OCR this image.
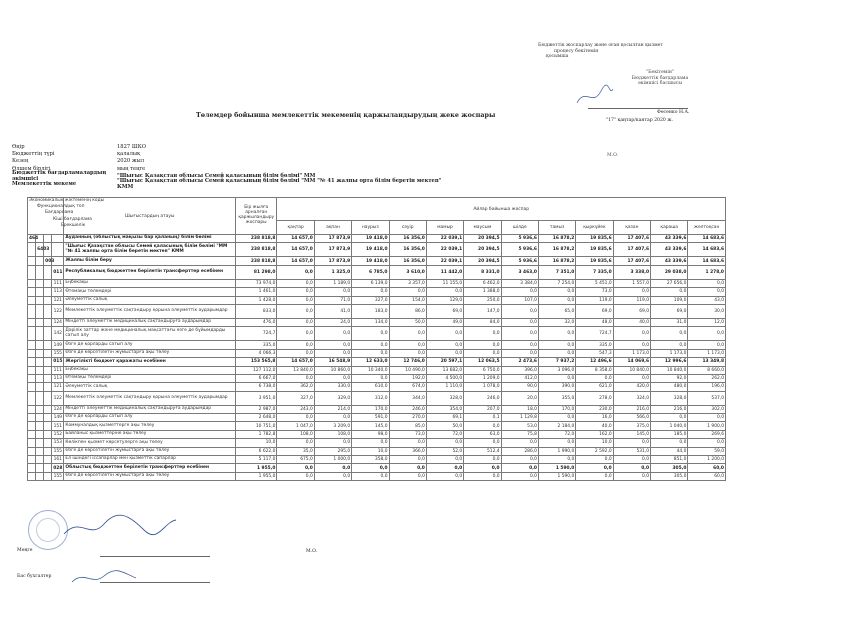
Бюджеттік жоспарлау және оған қосылған қызмет
процесу бекітемін
қосымша
"Бекітемін"
Бюджеттік бағдарлама
әкімшісі басшысы
Фесенко Н.А.
"17" қаңтар/кантар 2020 ж.
Төлемдер бойынша мемлекеттік мекеменің қаржыландырудың жеке жоспары
Өңір	1827 ШКО
Бюджеттің түрі	қалалық
Кезең	2020 жыл
Өлшем бірлігі	мың теңге
Бюджеттік бағдарламалардың әкімшісі
"Шығыс Қазақстан облысы Семей қаласының білім бөлімі" ММ
Мемлекеттік мекеме	"Шығыс Қазақстан облысы Семей қаласының білім бөлімі "ММ "№ 41 жалпы орта білім беретін мектеп" КММ
М.О.
Экономикалық жіктеменің коды
Функционалдық топ
Бағдарлама
Кіші бағдарлама
Ерекшелік				Шығыстардың атауы	Бір жылға арналған қаржыландыру жоспары	Айлар бойынша жоспар											
						қаңтар	ақпан	наурыз	сәуір	мамыр	маусым	шілде	тамыз	қыркүйек	қазан	қараша	желтоқсан
464				Ауданның (облыстық маңызы бар қаланың) білім бөлімі	238 818,8	14 657,0	17 873,9	19 418,0	16 356,0	22 039,1	20 394,5	5 936,6	16 878,2	19 835,6	17 407,6	43 339,6	14 683,6
	6403			"Шығыс Қазақстан облысы Семей қаласының білім бөлімі "ММ "№ 41 жалпы орта білім беретін мектеп" КММ	238 818,8	14 657,0	17 873,9	19 418,0	16 356,0	22 039,1	20 394,5	5 936,6	16 878,2	19 835,6	17 407,6	43 339,6	14 683,6
		003		Жалпы білім беру	238 818,8	14 657,0	17 873,9	19 418,0	16 356,0	22 039,1	20 394,5	5 936,6	16 878,2	19 835,6	17 407,6	43 339,6	14 683,6
			011	Республикалық бюджеттен берілетін трансферттер есебінен	81 298,0	0,0	1 325,0	6 785,0	3 610,0	11 442,0	8 331,0	3 463,0	7 351,0	7 335,0	3 338,0	29 038,0	1 278,0
			111	Еңбекақы	73 974,0	0,0	1 189,0	6 139,0	3 357,0	11 155,0	6 462,0	3 384,0	7 254,0	5 451,0	1 557,0	27 656,0	0,0
			113	Өтемақы төлемдері	1 461,0	0,0	0,0	0,0	0,0	0,0	1 388,0	0,0	0,0	73,0	0,0	0,0	0,0
			121	Әлеуметтік салық	1 428,0	0,0	71,0	327,0	154,0	129,0	250,0	107,0	0,0	119,0	119,0	109,0	43,0
			122	Мемлекеттік әлеуметтік сақтандыру қорына әлеуметтік аударымдар	833,0	0,0	41,0	183,0	86,0	69,0	147,0	0,0	65,0	69,0	69,0	69,0	30,0
			124	Міндетті әлеуметтік медициналық сақтандыруға аударымдар	476,0	0,0	24,0	134,0	50,0	49,0	84,0	0,0	32,0	48,0	40,0	31,0	12,0
			142	Дәрілік заттар және медициналық мақсаттағы өзге де бұйымдарды сатып алу	724,7	0,0	0,0	0,0	0,0	0,0	0,0	0,0	0,0	724,7	0,0	0,0	0,0
			149	Өзге де қорларды сатып алу	335,0	0,0	0,0	0,0	0,0	0,0	0,0	0,0	0,0	335,0	0,0	0,0	0,0
			155	Өзге де көрсетілетін жұмыстарға ақы төлеу	4 066,3	0,0	0,0	0,0	0,0	0,0	0,0	0,0	0,0	547,3	1 173,0	1 173,0	1 173,0
			015	Жергілікті бюджет қаражаты есебінен	153 565,8	14 657,0	16 548,9	12 633,0	12 746,0	20 597,1	12 063,5	2 473,6	7 937,2	12 496,6	14 069,6	12 996,6	13 349,8
			111	Еңбекақы	127 112,0	13 840,0	10 860,0	10 340,0	10 490,0	13 682,0	6 750,0	396,0	3 096,0	8 358,0	10 840,0	10 840,0	8 660,0
			113	Өтемақы төлемдері	6 667,0	0,0	0,0	0,0	192,0	4 500,0	1 209,0	412,0	0,0	0,0	0,0	92,0	262,0
			121	Әлеуметтік салық	6 738,0	362,0	330,0	610,0	674,0	1 110,0	1 078,0	90,0	390,0	621,0	420,0	480,0	196,0
			122	Мемлекеттік әлеуметтік сақтандыру қорына әлеуметтік аударымдар	3 951,0	327,0	329,0	312,0	344,0	328,0	246,0	20,0	355,0	278,0	324,0	328,0	537,0
			124	Міндетті әлеуметтік медициналық сақтандыруға аударымдар	2 987,0	243,0	214,0	170,0	246,0	354,0	207,0	18,0	170,0	230,0	216,0	216,0	302,0
			149	Өзге де қорларды сатып алу	2 648,0	0,0	0,0	591,0	270,0	69,1	0,1	1 129,8	0,0	16,0	566,0	0,0	0,0
			151	Коммуналдық қызметтерге ақы төлеу	10 751,0	1 047,0	3 209,0	145,0	85,0	50,0	0,0	53,0	2 184,0	40,0	375,0	1 040,0	1 900,0
			152	Байланыс қызметтеріне ақы төлеу	1 782,8	108,0	108,0	98,0	73,0	72,0	63,0	75,8	72,0	162,0	145,0	185,0	269,6
			153	Көлікпен қызмет көрсетулерге ақы төлеу	10,0	0,0	0,0	0,0	0,0	0,0	0,0	0,0	0,0	10,0	0,0	0,0	0,0
			155	Өзге де көрсетілетін жұмыстарға ақы төлеу	6 622,0	35,0	295,0	10,0	366,0	52,0	512,4	286,0	1 990,0	2 592,0	531,0	44,0	59,0
			161	Ел ішіндегі іссапарлар мен қызметтік сапарлар	5 117,0	675,0	1 000,0	358,0	0,0	0,0	0,0	0,0	0,0	0,0	0,0	851,0	1 200,0
			028	Облыстық бюджеттен берілетін трансферттер есебінен	1 955,0	0,0	0,0	0,0	0,0	0,0	0,0	0,0	1 590,0	0,0	0,0	305,0	60,0
			155	Өзге де көрсетілетін жұмыстарға ақы төлеу	1 955,0	0,0	0,0	0,0	0,0	0,0	0,0	0,0	1 590,0	0,0	0,0	305,0	60,0
Меңге	М.О.
Бас бухгалтер
